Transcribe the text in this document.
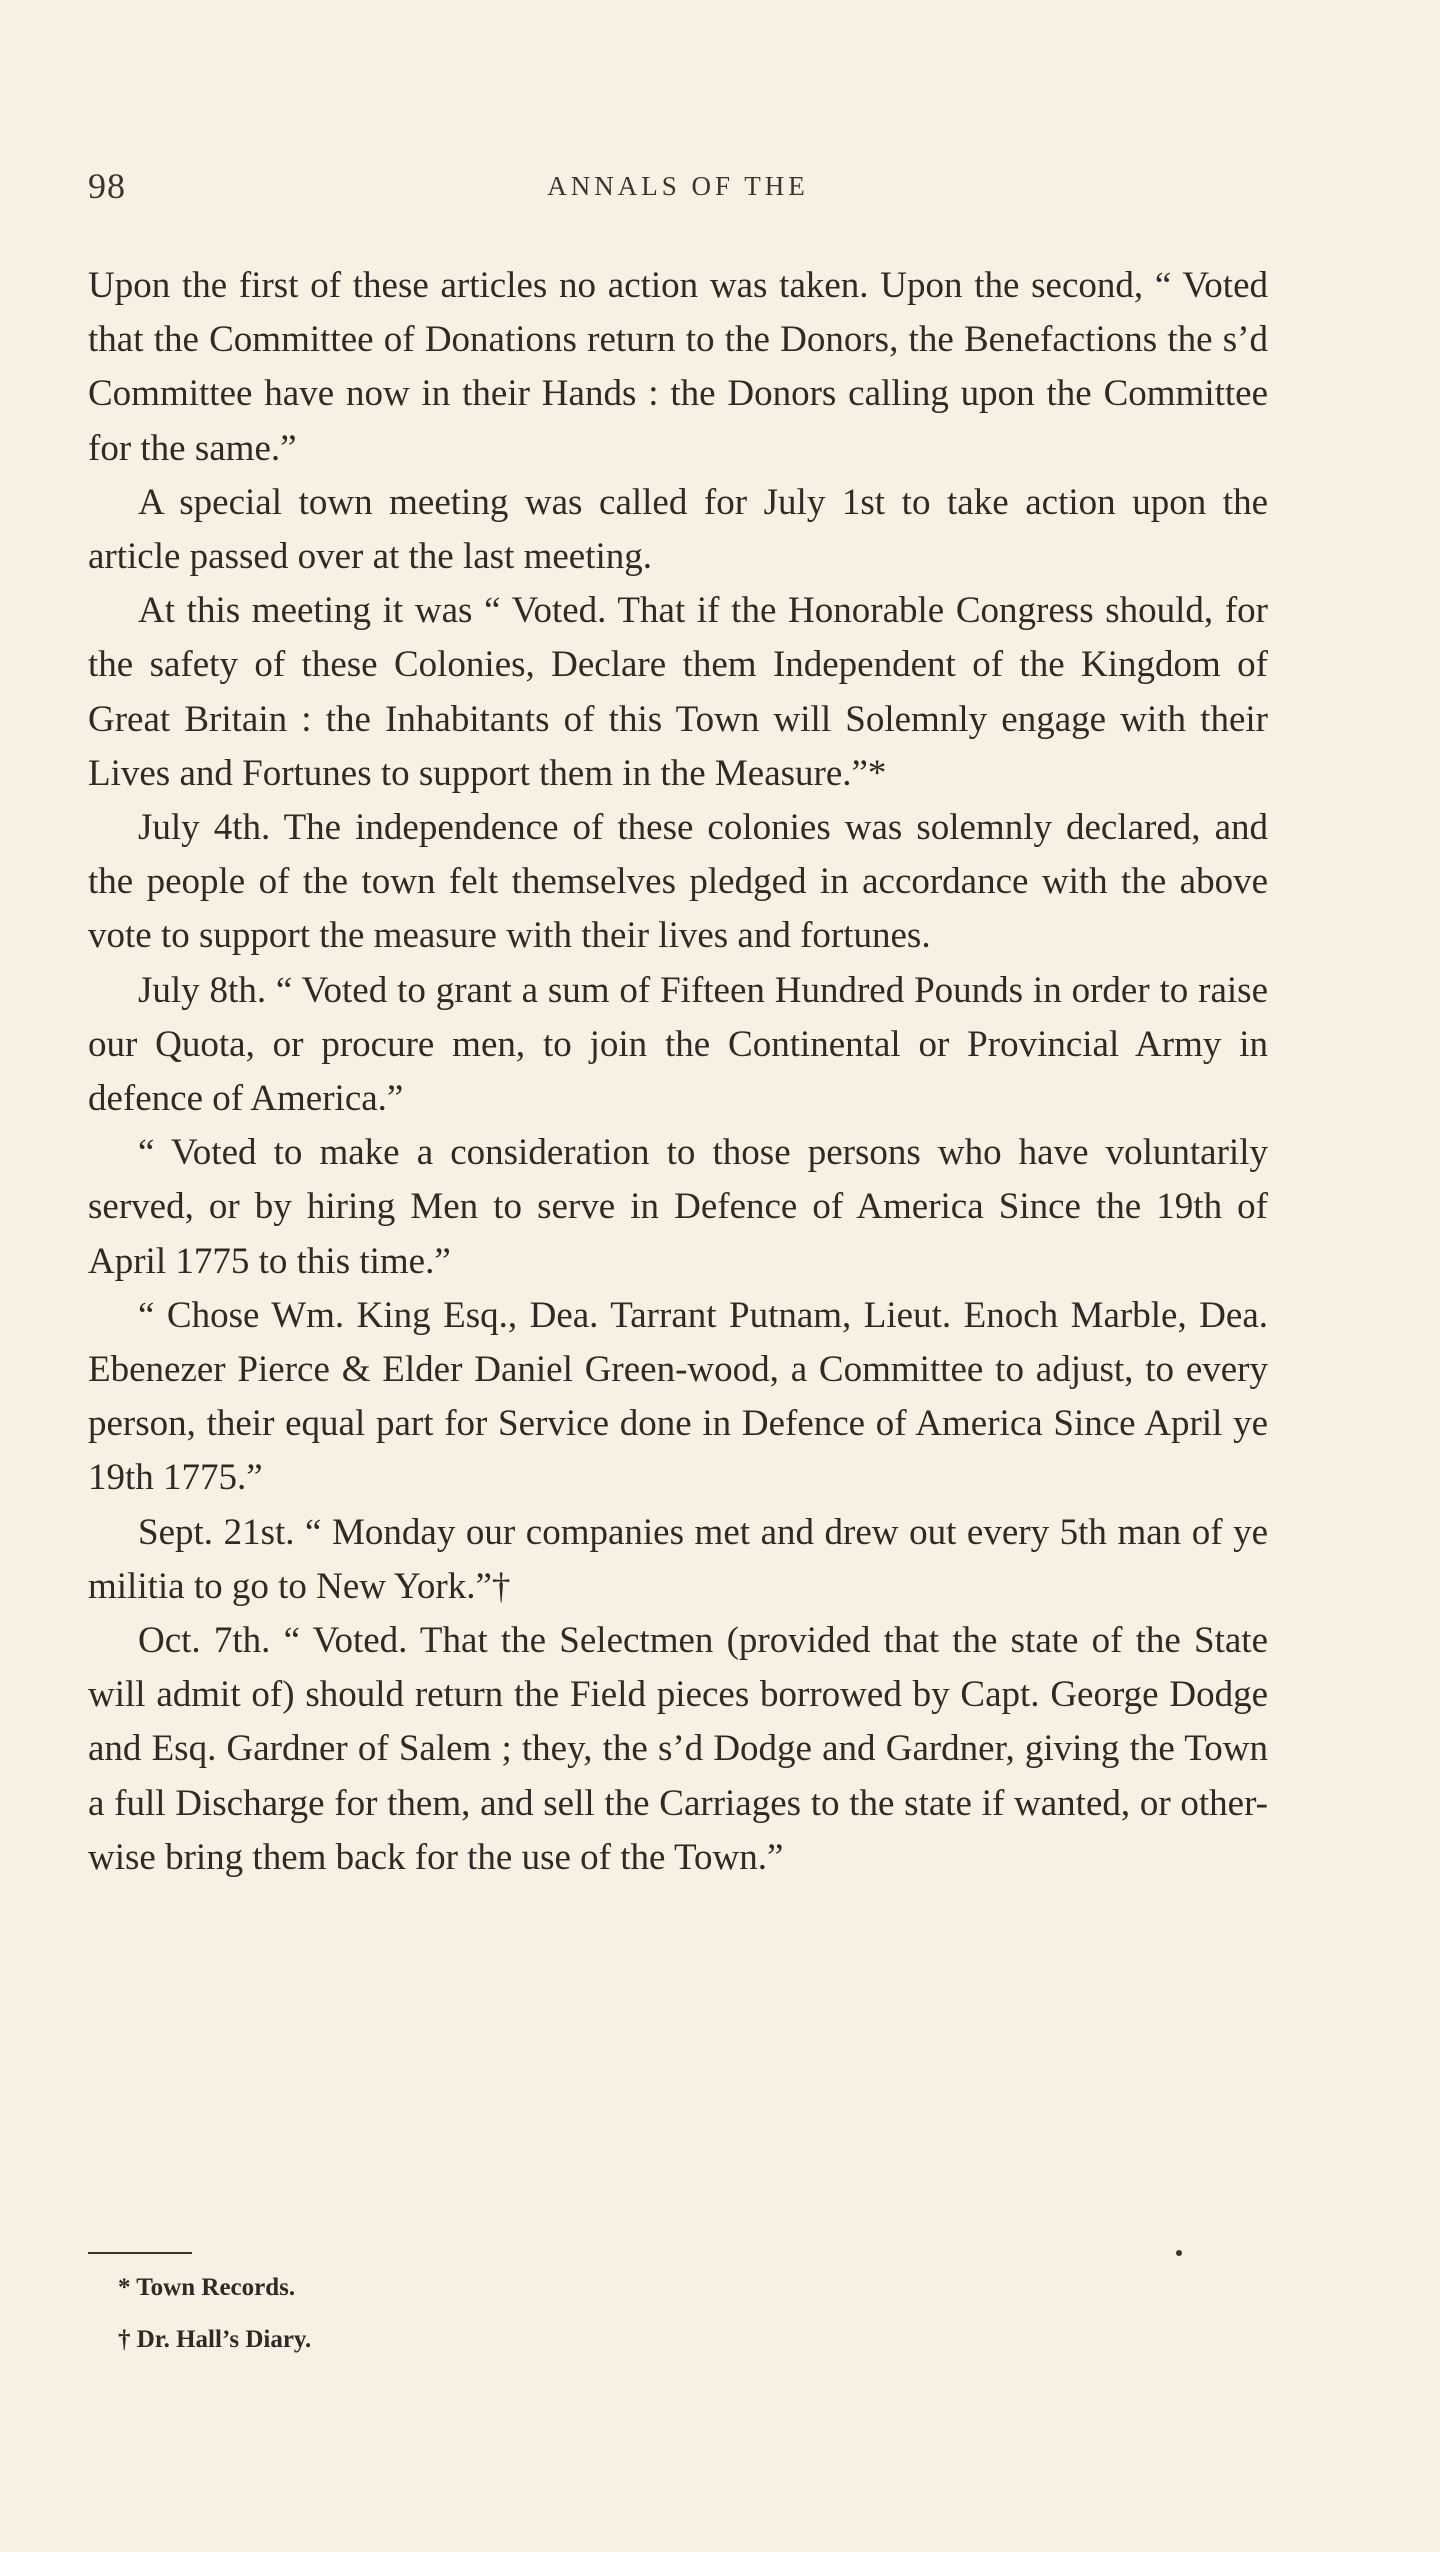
98	ANNALS OF THE

Upon the first of these articles no action was taken. Upon the second, “ Voted that the Committee of Donations return to the Donors, the Benefactions the s’d Committee have now in their Hands : the Donors calling upon the Committee for the same.”

A special town meeting was called for July 1st to take action upon the article passed over at the last meeting.

At this meeting it was “ Voted. That if the Honorable Congress should, for the safety of these Colonies, Declare them Independent of the Kingdom of Great Britain : the Inhabitants of this Town will Solemnly engage with their Lives and Fortunes to support them in the Measure.”*

July 4th. The independence of these colonies was solemnly declared, and the people of the town felt themselves pledged in accordance with the above vote to support the measure with their lives and fortunes.

July 8th. “ Voted to grant a sum of Fifteen Hundred Pounds in order to raise our Quota, or procure men, to join the Continental or Provincial Army in defence of America.”

“ Voted to make a consideration to those persons who have voluntarily served, or by hiring Men to serve in Defence of America Since the 19th of April 1775 to this time.”

“ Chose Wm. King Esq., Dea. Tarrant Putnam, Lieut. Enoch Marble, Dea. Ebenezer Pierce & Elder Daniel Green-wood, a Committee to adjust, to every person, their equal part for Service done in Defence of America Since April ye 19th 1775.”

Sept. 21st. “ Monday our companies met and drew out every 5th man of ye militia to go to New York.”†

Oct. 7th. “ Voted. That the Selectmen (provided that the state of the State will admit of) should return the Field pieces borrowed by Capt. George Dodge and Esq. Gardner of Salem ; they, the s’d Dodge and Gardner, giving the Town a full Discharge for them, and sell the Carriages to the state if wanted, or other-wise bring them back for the use of the Town.”

* Town Records.
† Dr. Hall’s Diary.
